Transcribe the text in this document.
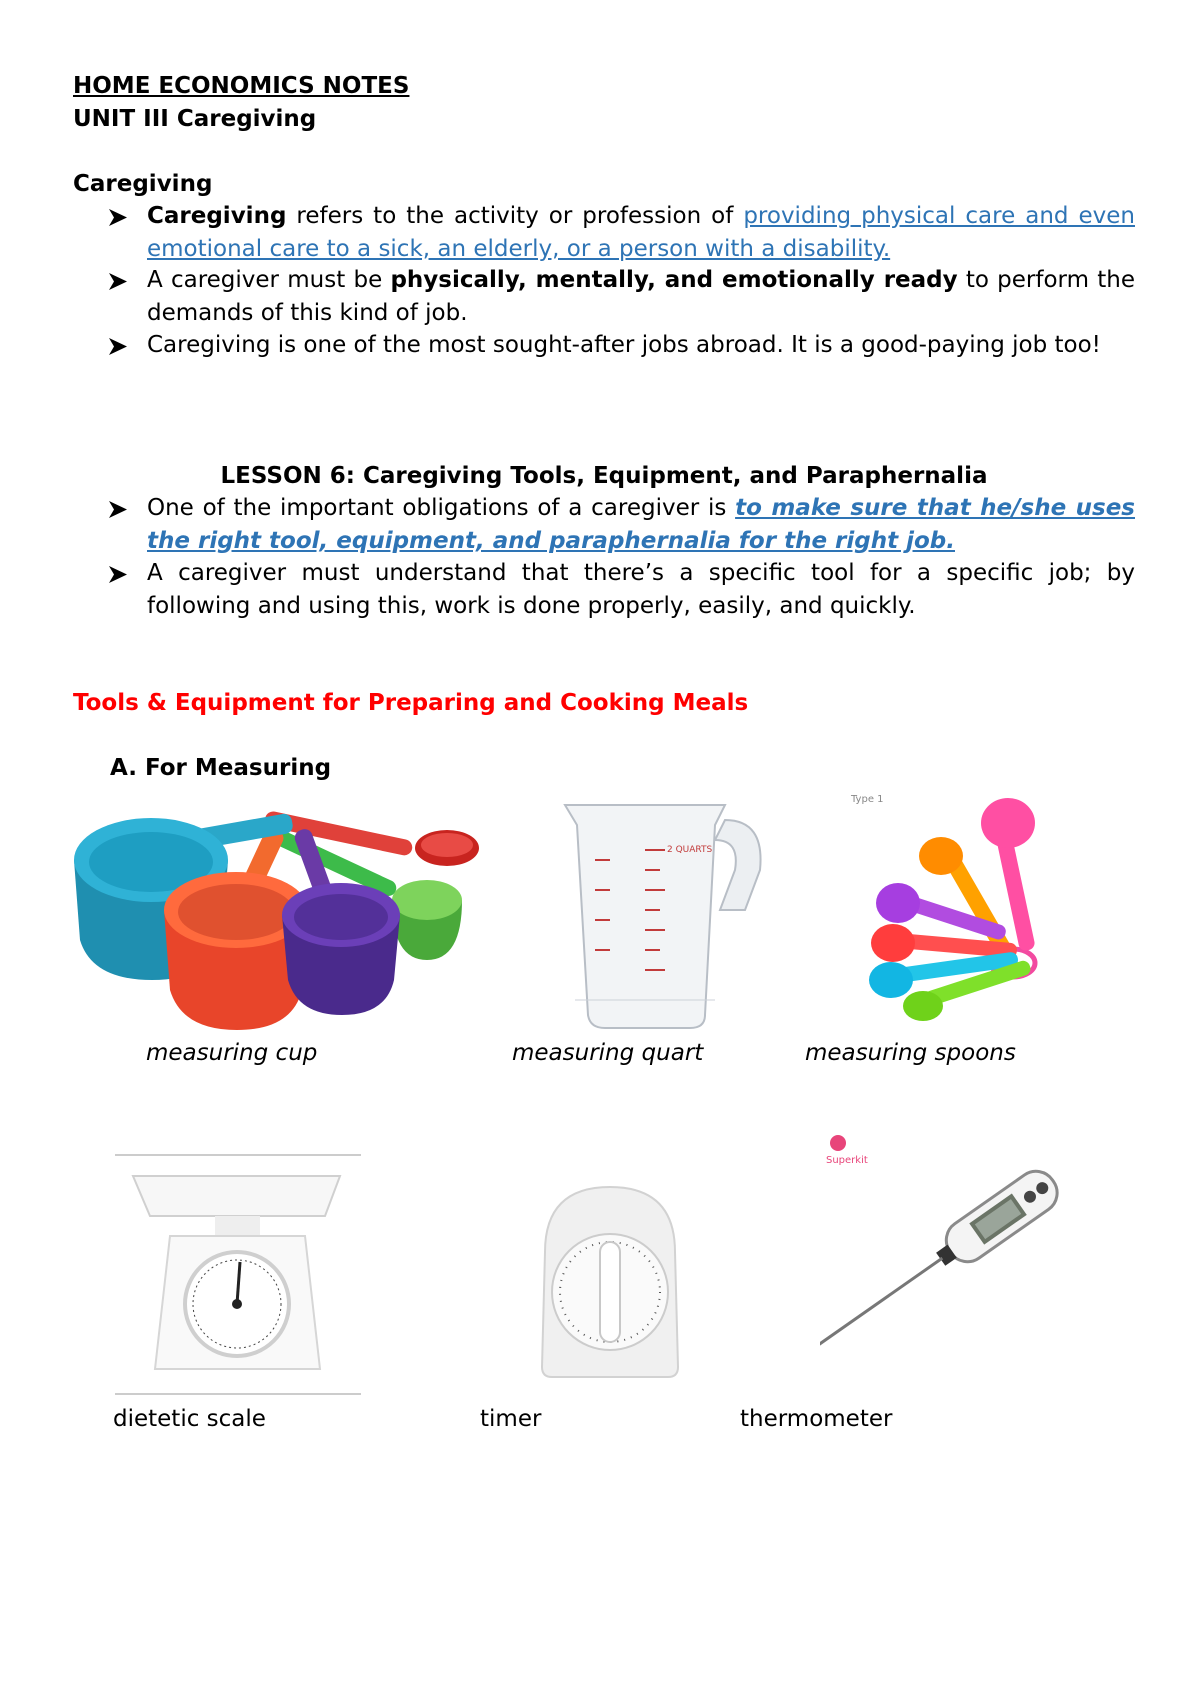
HOME ECONOMICS NOTES
UNIT III Caregiving
Caregiving
Caregiving refers to the activity or profession of providing physical care and even emotional care to a sick, an elderly, or a person with a disability.
A caregiver must be physically, mentally, and emotionally ready to perform the demands of this kind of job.
Caregiving is one of the most sought-after jobs abroad. It is a good-paying job too!
LESSON 6: Caregiving Tools, Equipment, and Paraphernalia
One of the important obligations of a caregiver is to make sure that he/she uses the right tool, equipment, and paraphernalia for the right job.
A caregiver must understand that there’s a specific tool for a specific job; by following and using this, work is done properly, easily, and quickly.
Tools & Equipment for Preparing and Cooking Meals
A. For Measuring
2 QUARTS
Type 1
measuring cup	measuring quart	measuring spoons
Superkit
dietetic scale	timer	thermometer
